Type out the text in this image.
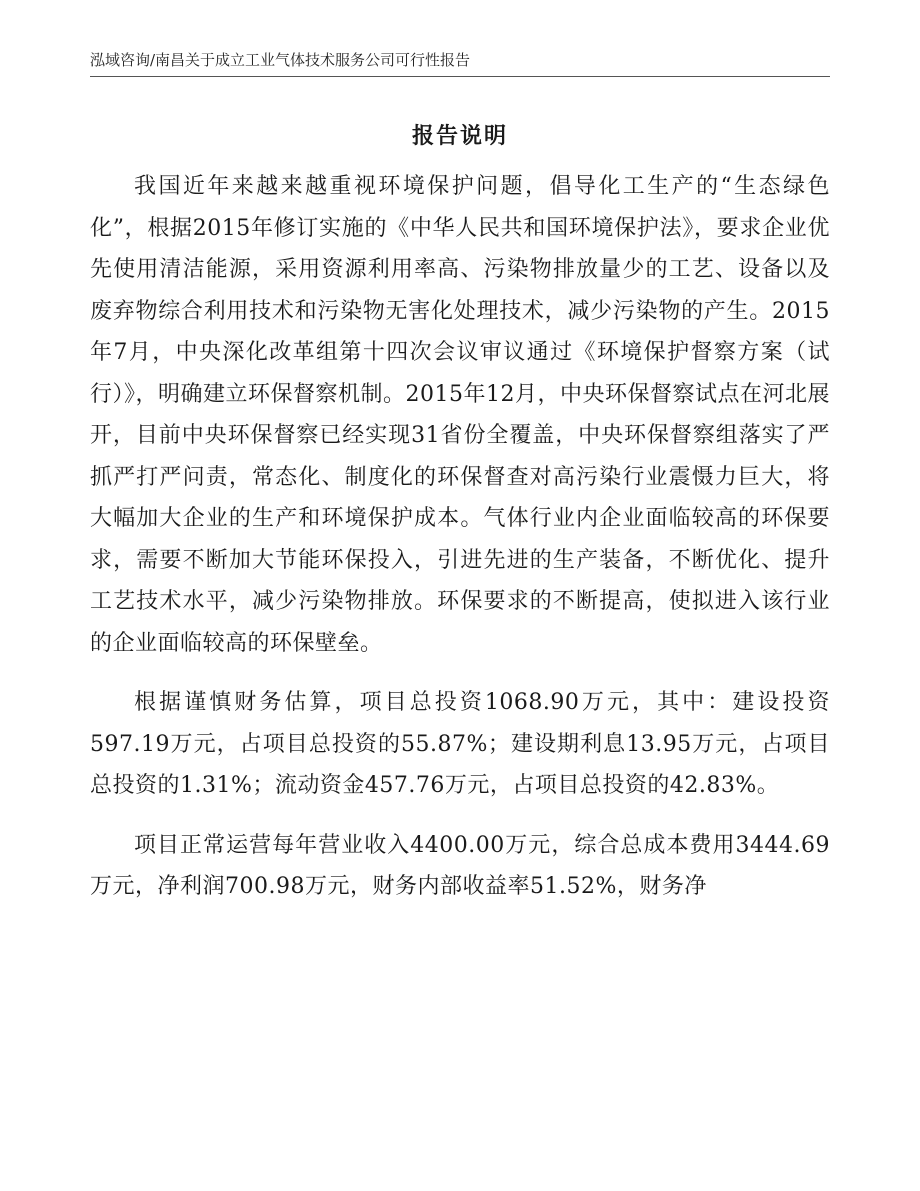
泓域咨询/南昌关于成立工业气体技术服务公司可行性报告
报告说明

我国近年来越来越重视环境保护问题，倡导化工生产的“生态绿色化”，根据2015年修订实施的《中华人民共和国环境保护法》，要求企业优先使用清洁能源，采用资源利用率高、污染物排放量少的工艺、设备以及废弃物综合利用技术和污染物无害化处理技术，减少污染物的产生。2015年7月，中央深化改革组第十四次会议审议通过《环境保护督察方案（试行）》，明确建立环保督察机制。2015年12月，中央环保督察试点在河北展开，目前中央环保督察已经实现31省份全覆盖，中央环保督察组落实了严抓严打严问责，常态化、制度化的环保督查对高污染行业震慑力巨大，将大幅加大企业的生产和环境保护成本。气体行业内企业面临较高的环保要求，需要不断加大节能环保投入，引进先进的生产装备，不断优化、提升工艺技术水平，减少污染物排放。环保要求的不断提高，使拟进入该行业的企业面临较高的环保壁垒。

根据谨慎财务估算，项目总投资1068.90万元，其中：建设投资597.19万元，占项目总投资的55.87%；建设期利息13.95万元，占项目总投资的1.31%；流动资金457.76万元，占项目总投资的42.83%。

项目正常运营每年营业收入4400.00万元，综合总成本费用3444.69万元，净利润700.98万元，财务内部收益率51.52%，财务净
